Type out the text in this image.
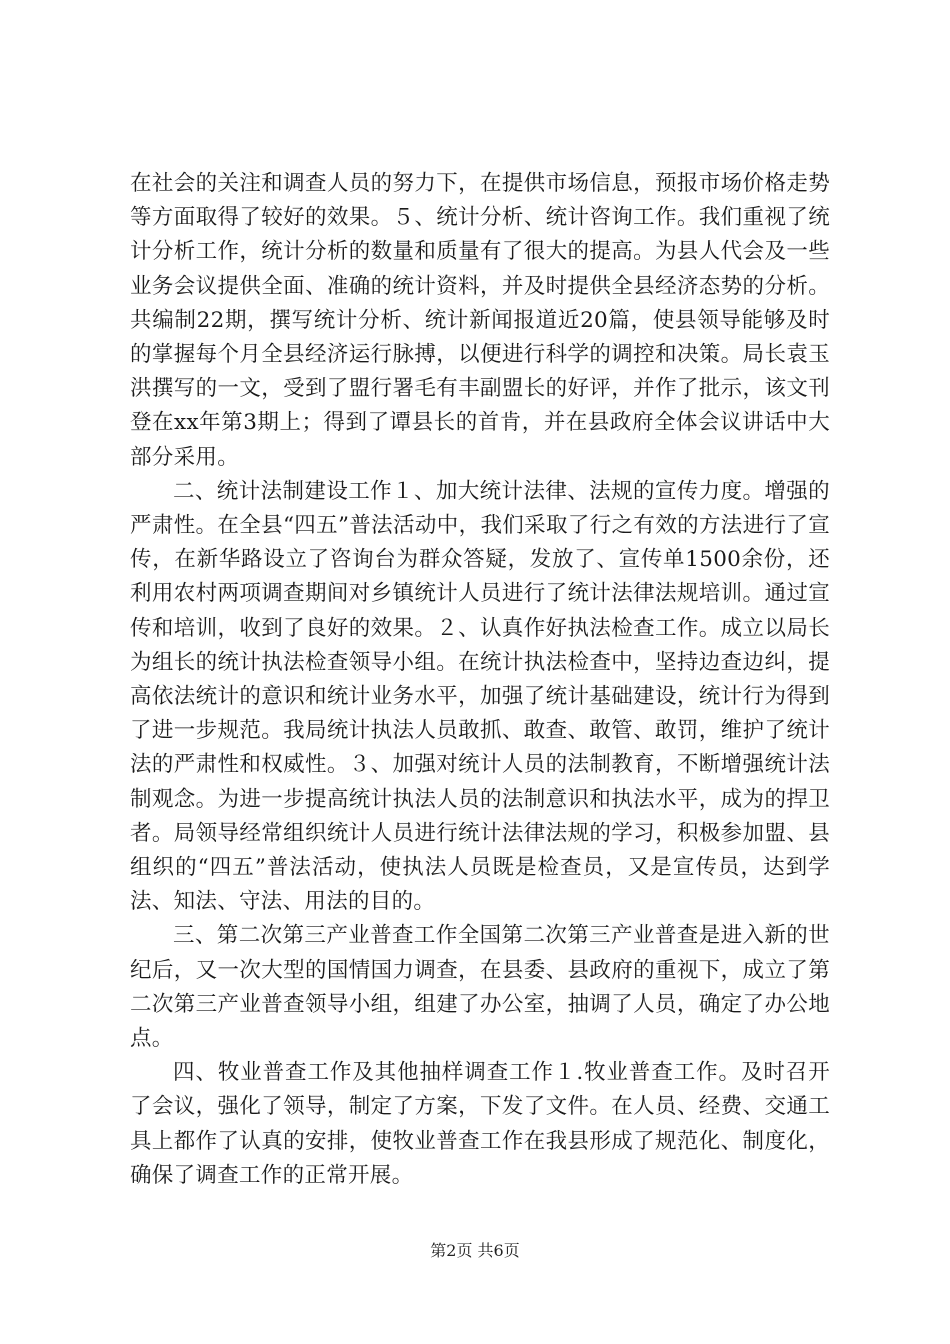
在社会的关注和调查人员的努力下，在提供市场信息，预报市场价格走势等方面取得了较好的效果。５、统计分析、统计咨询工作。我们重视了统计分析工作，统计分析的数量和质量有了很大的提高。为县人代会及一些业务会议提供全面、准确的统计资料，并及时提供全县经济态势的分析。共编制22期，撰写统计分析、统计新闻报道近20篇，使县领导能够及时的掌握每个月全县经济运行脉搏，以便进行科学的调控和决策。局长袁玉洪撰写的一文，受到了盟行署毛有丰副盟长的好评，并作了批示，该文刊登在xx年第3期上；得到了谭县长的首肯，并在县政府全体会议讲话中大部分采用。

二、统计法制建设工作１、加大统计法律、法规的宣传力度。增强的严肃性。在全县“四五”普法活动中，我们采取了行之有效的方法进行了宣传，在新华路设立了咨询台为群众答疑，发放了、宣传单1500余份，还利用农村两项调查期间对乡镇统计人员进行了统计法律法规培训。通过宣传和培训，收到了良好的效果。２、认真作好执法检查工作。成立以局长为组长的统计执法检查领导小组。在统计执法检查中，坚持边查边纠，提高依法统计的意识和统计业务水平，加强了统计基础建设，统计行为得到了进一步规范。我局统计执法人员敢抓、敢查、敢管、敢罚，维护了统计法的严肃性和权威性。３、加强对统计人员的法制教育，不断增强统计法制观念。为进一步提高统计执法人员的法制意识和执法水平，成为的捍卫者。局领导经常组织统计人员进行统计法律法规的学习，积极参加盟、县组织的“四五”普法活动，使执法人员既是检查员，又是宣传员，达到学法、知法、守法、用法的目的。

三、第二次第三产业普查工作全国第二次第三产业普查是进入新的世纪后，又一次大型的国情国力调查，在县委、县政府的重视下，成立了第二次第三产业普查领导小组，组建了办公室，抽调了人员，确定了办公地点。

四、牧业普查工作及其他抽样调查工作１.牧业普查工作。及时召开了会议，强化了领导，制定了方案，下发了文件。在人员、经费、交通工具上都作了认真的安排，使牧业普查工作在我县形成了规范化、制度化，确保了调查工作的正常开展。

第2页 共6页
